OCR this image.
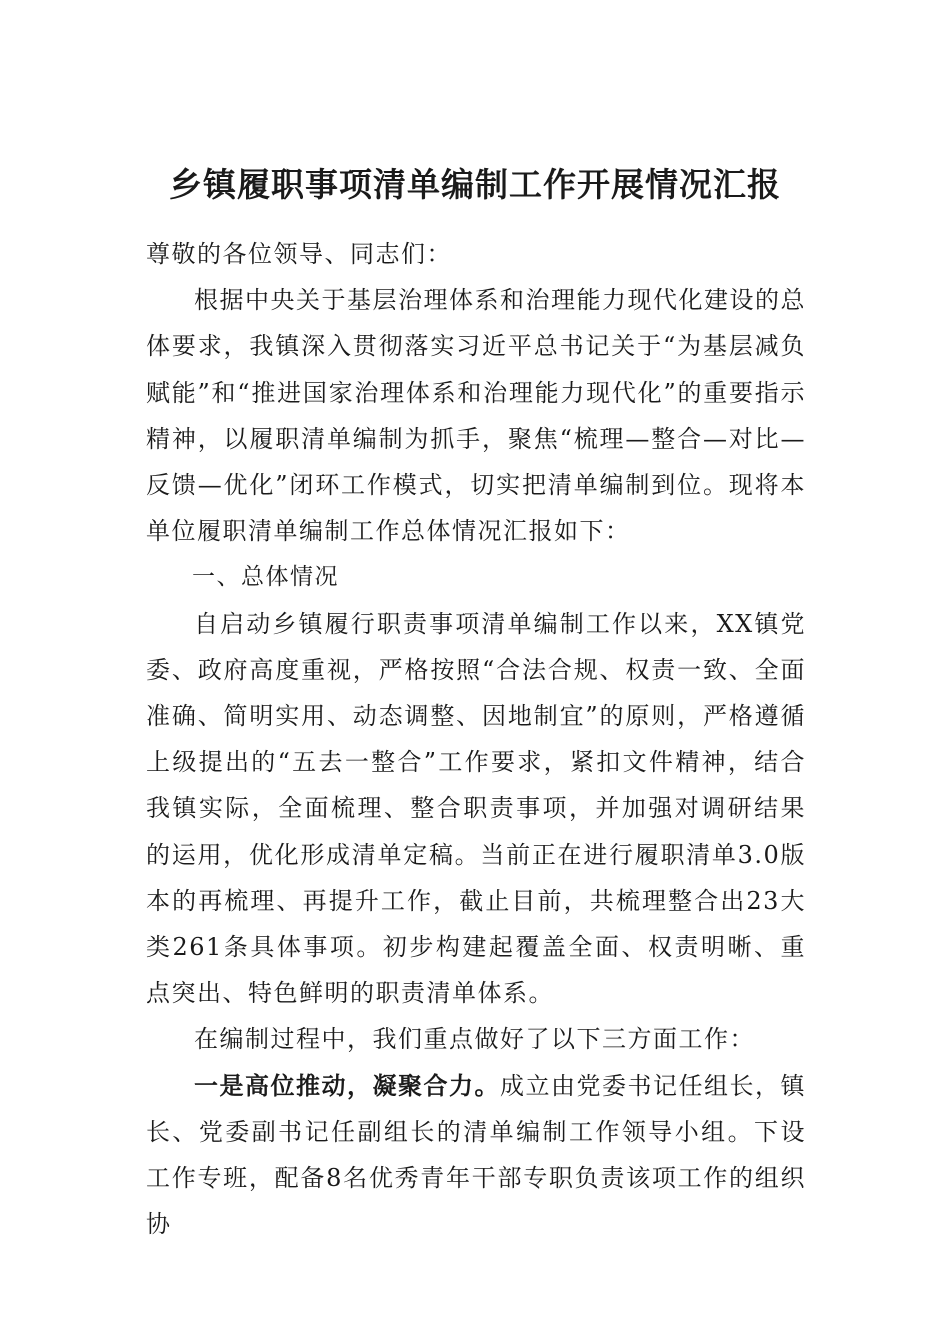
乡镇履职事项清单编制工作开展情况汇报

尊敬的各位领导、同志们：

根据中央关于基层治理体系和治理能力现代化建设的总体要求，我镇深入贯彻落实习近平总书记关于“为基层减负赋能”和“推进国家治理体系和治理能力现代化”的重要指示精神，以履职清单编制为抓手，聚焦“梳理—整合—对比—反馈—优化”闭环工作模式，切实把清单编制到位。现将本单位履职清单编制工作总体情况汇报如下：

一、总体情况

自启动乡镇履行职责事项清单编制工作以来，XX镇党委、政府高度重视，严格按照“合法合规、权责一致、全面准确、简明实用、动态调整、因地制宜”的原则，严格遵循上级提出的“五去一整合”工作要求，紧扣文件精神，结合我镇实际，全面梳理、整合职责事项，并加强对调研结果的运用，优化形成清单定稿。当前正在进行履职清单3.0版本的再梳理、再提升工作，截止目前，共梳理整合出23大类261条具体事项。初步构建起覆盖全面、权责明晰、重点突出、特色鲜明的职责清单体系。

在编制过程中，我们重点做好了以下三方面工作：

一是高位推动，凝聚合力。成立由党委书记任组长，镇长、党委副书记任副组长的清单编制工作领导小组。下设工作专班，配备8名优秀青年干部专职负责该项工作的组织协
